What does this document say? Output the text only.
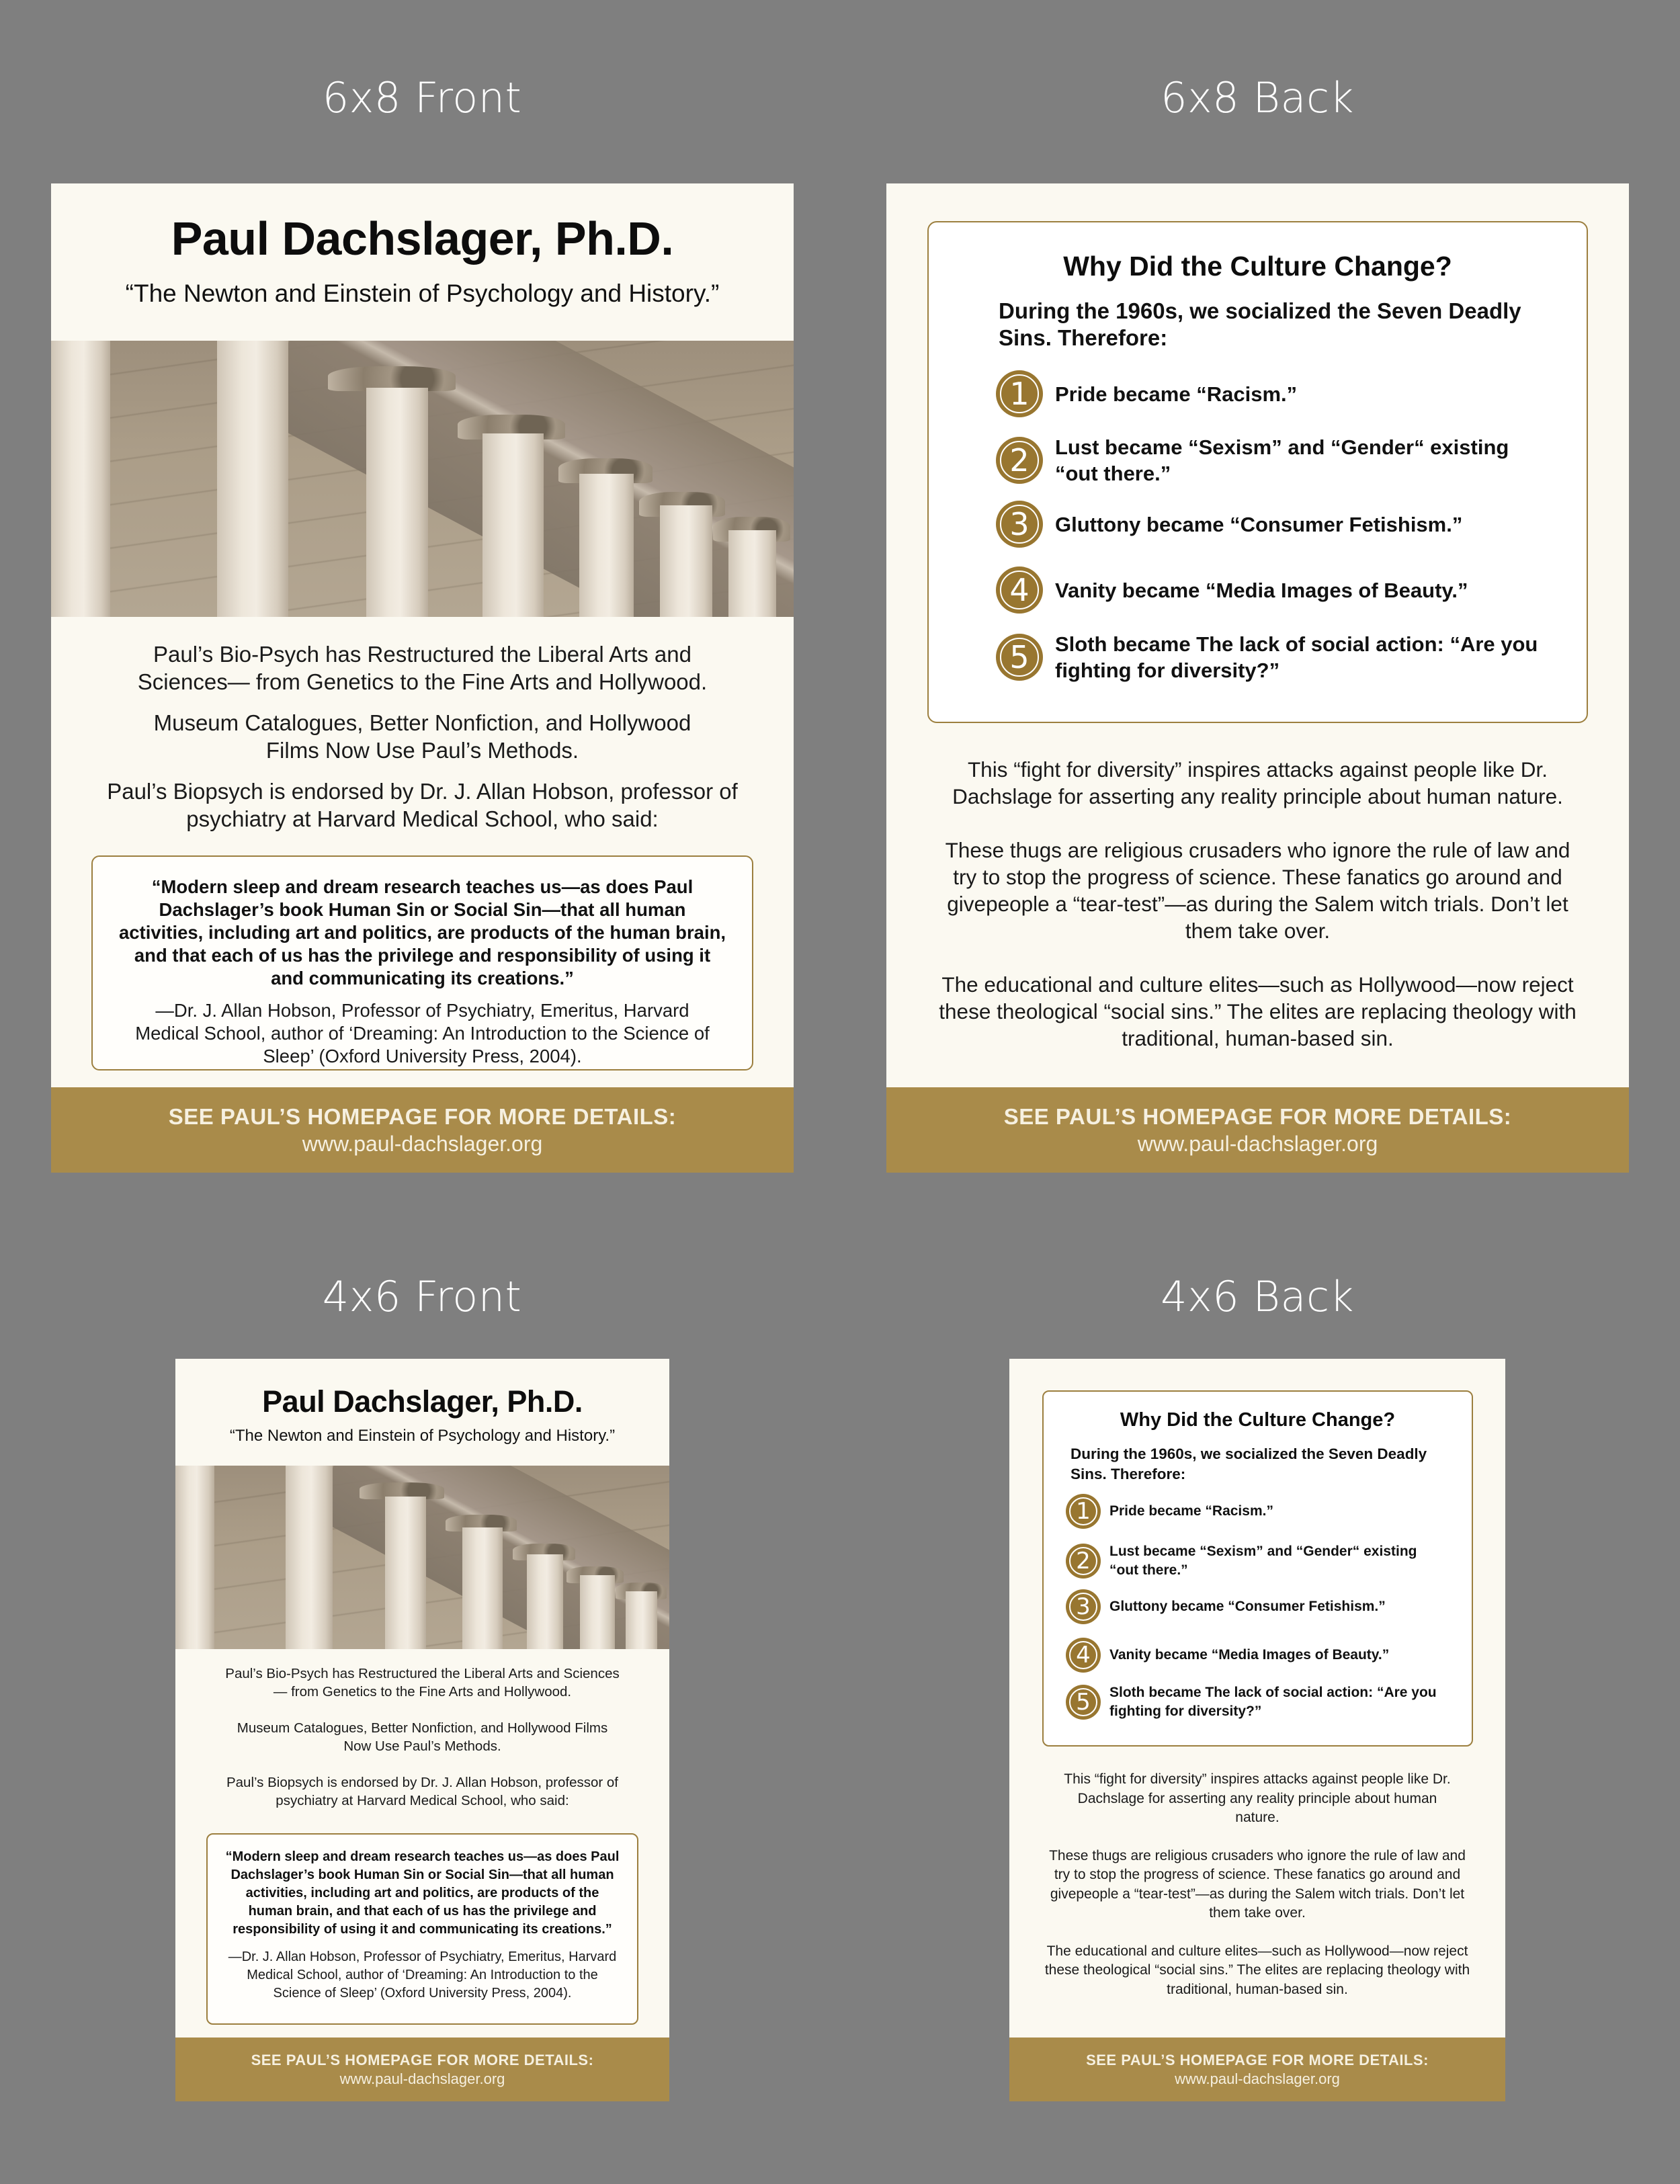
6x8 Front	6x8 Back
4x6 Front	4x6 Back
Paul Dachslager, Ph.D.
“The Newton and Einstein of Psychology and History.”

Paul’s Bio-Psych has Restructured the Liberal Arts and Sciences— from Genetics to the Fine Arts and Hollywood.

Museum Catalogues, Better Nonfiction, and Hollywood Films Now Use Paul’s Methods.

Paul’s Biopsych is endorsed by Dr. J. Allan Hobson, professor of psychiatry at Harvard Medical School, who said:

“Modern sleep and dream research teaches us—as does Paul Dachslager’s book Human Sin or Social Sin—that all human activities, including art and politics, are products of the human brain, and that each of us has the privilege and responsibility of using it and communicating its creations.”
—Dr. J. Allan Hobson, Professor of Psychiatry, Emeritus, Harvard Medical School, author of ‘Dreaming: An Introduction to the Science of Sleep’ (Oxford University Press, 2004).
SEE PAUL’S HOMEPAGE FOR MORE DETAILS:
www.paul-dachslager.org
Why Did the Culture Change?
During the 1960s, we socialized the Seven Deadly Sins. Therefore:
1 Pride became “Racism.”
2 Lust became “Sexism” and “Gender“ existing “out there.”
3 Gluttony became “Consumer Fetishism.”
4 Vanity became “Media Images of Beauty.”
5 Sloth became The lack of social action: “Are you fighting for diversity?”

This “fight for diversity” inspires attacks against people like Dr. Dachslage for asserting any reality principle about human nature.

These thugs are religious crusaders who ignore the rule of law and try to stop the progress of science. These fanatics go around and givepeople a “tear-test”—as during the Salem witch trials. Don’t let them take over.

The educational and culture elites—such as Hollywood—now reject these theological “social sins.” The elites are replacing theology with traditional, human-based sin.

SEE PAUL’S HOMEPAGE FOR MORE DETAILS:
www.paul-dachslager.org
Paul Dachslager, Ph.D.
“The Newton and Einstein of Psychology and History.”

Paul’s Bio-Psych has Restructured the Liberal Arts and Sciences— from Genetics to the Fine Arts and Hollywood.

Museum Catalogues, Better Nonfiction, and Hollywood Films Now Use Paul’s Methods.

Paul’s Biopsych is endorsed by Dr. J. Allan Hobson, professor of psychiatry at Harvard Medical School, who said:

“Modern sleep and dream research teaches us—as does Paul Dachslager’s book Human Sin or Social Sin—that all human activities, including art and politics, are products of the human brain, and that each of us has the privilege and responsibility of using it and communicating its creations.”
—Dr. J. Allan Hobson, Professor of Psychiatry, Emeritus, Harvard Medical School, author of ‘Dreaming: An Introduction to the Science of Sleep’ (Oxford University Press, 2004).
SEE PAUL’S HOMEPAGE FOR MORE DETAILS:
www.paul-dachslager.org
Why Did the Culture Change?
During the 1960s, we socialized the Seven Deadly Sins. Therefore:
1 Pride became “Racism.”
2 Lust became “Sexism” and “Gender“ existing “out there.”
3 Gluttony became “Consumer Fetishism.”
4 Vanity became “Media Images of Beauty.”
5 Sloth became The lack of social action: “Are you fighting for diversity?”

This “fight for diversity” inspires attacks against people like Dr. Dachslage for asserting any reality principle about human nature.

These thugs are religious crusaders who ignore the rule of law and try to stop the progress of science. These fanatics go around and givepeople a “tear-test”—as during the Salem witch trials. Don’t let them take over.

The educational and culture elites—such as Hollywood—now reject these theological “social sins.” The elites are replacing theology with traditional, human-based sin.

SEE PAUL’S HOMEPAGE FOR MORE DETAILS:
www.paul-dachslager.org
